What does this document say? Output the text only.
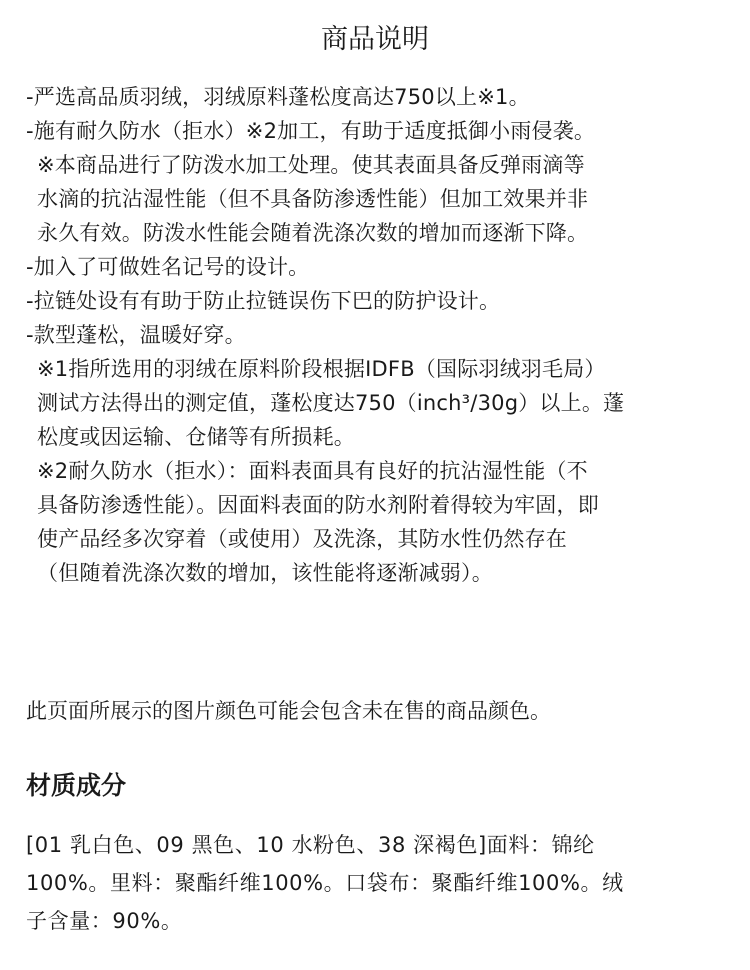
商品说明
-严选高品质羽绒，羽绒原料蓬松度高达750以上※1。
-施有耐久防水（拒水）※2加工，有助于适度抵御小雨侵袭。
※本商品进行了防泼水加工处理。使其表面具备反弹雨滴等
水滴的抗沾湿性能（但不具备防渗透性能）但加工效果并非
永久有效。防泼水性能会随着洗涤次数的增加而逐渐下降。
-加入了可做姓名记号的设计。
-拉链处设有有助于防止拉链误伤下巴的防护设计。
-款型蓬松，温暖好穿。
※1指所选用的羽绒在原料阶段根据IDFB（国际羽绒羽毛局）
测试方法得出的测定值，蓬松度达750（inch³/30g）以上。蓬
松度或因运输、仓储等有所损耗。
※2耐久防水（拒水）：面料表面具有良好的抗沾湿性能（不
具备防渗透性能）。因面料表面的防水剂附着得较为牢固，即
使产品经多次穿着（或使用）及洗涤，其防水性仍然存在
（但随着洗涤次数的增加，该性能将逐渐减弱）。
此页面所展示的图片颜色可能会包含未在售的商品颜色。
材质成分
[01 乳白色、09 黑色、10 水粉色、38 深褐色]面料：锦纶
100%。里料：聚酯纤维100%。口袋布：聚酯纤维100%。绒
子含量：90%。
